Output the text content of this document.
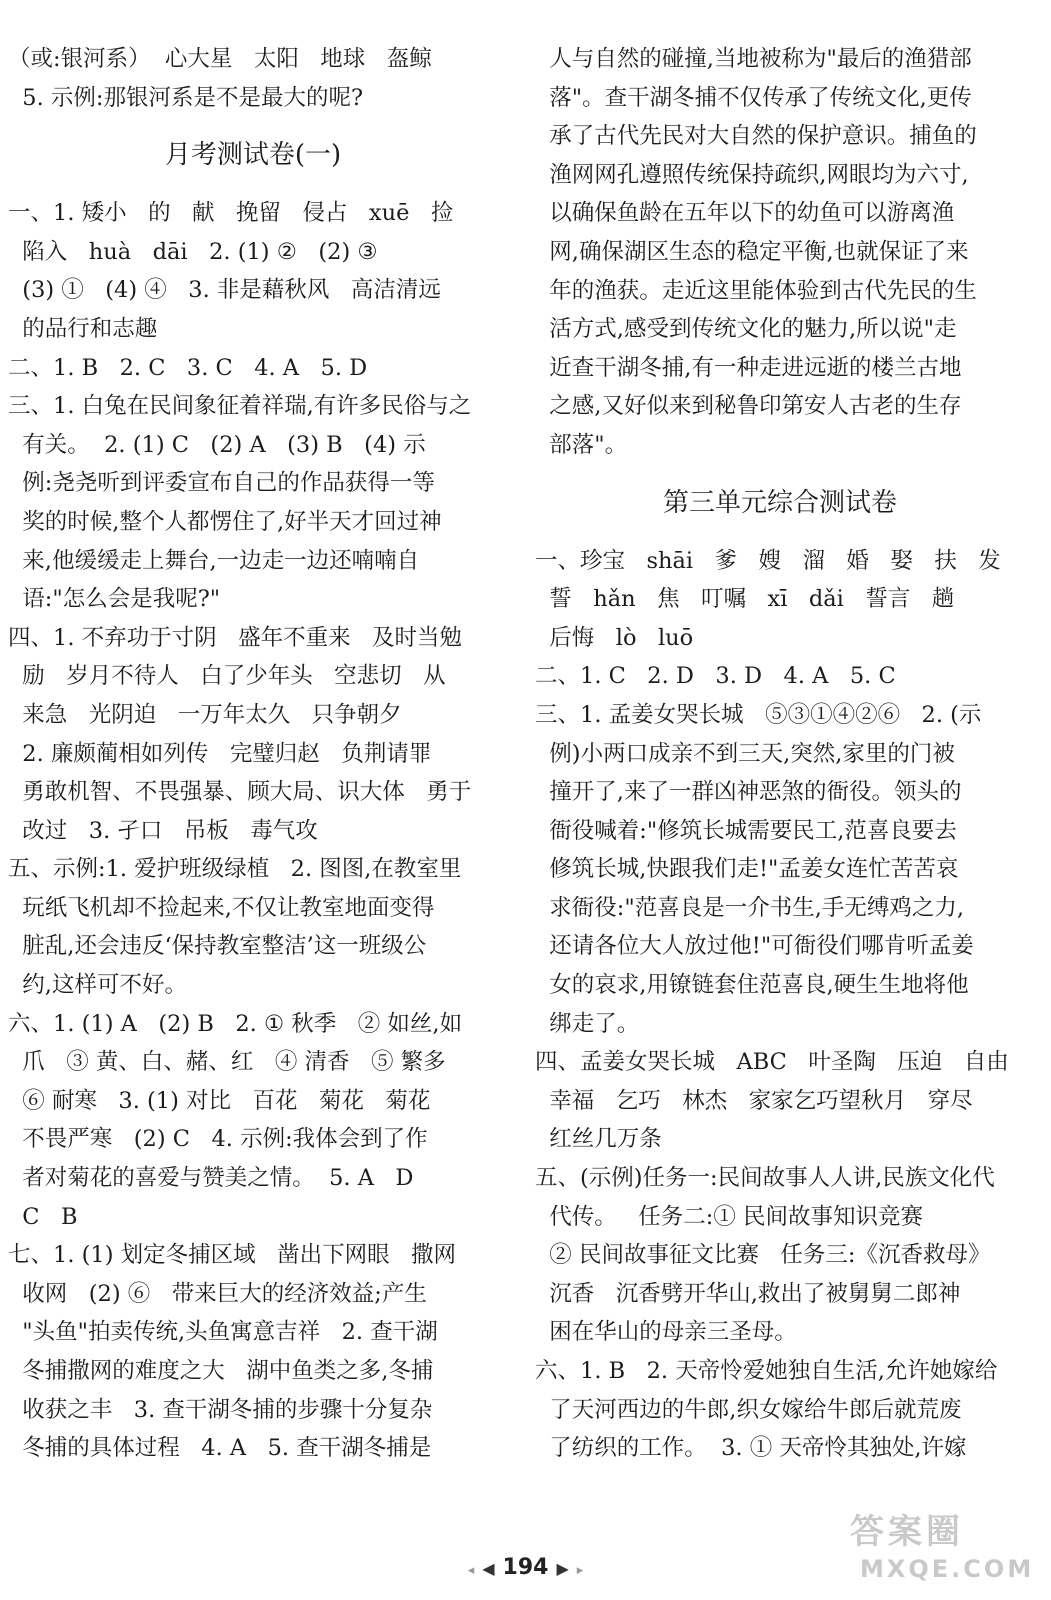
（或:银河系）  心大星   太阳   地球   盔鲸
5. 示例:那银河系是不是最大的呢?
月考测试卷(一)
一、1. 矮小   的   献   挽留   侵占   xuē   捡
陷入   huà   dāi   2. (1) ②   (2) ③
(3) ①   (4) ④   3. 非是藉秋风   高洁清远
的品行和志趣
二、1. B   2. C   3. C   4. A   5. D
三、1. 白兔在民间象征着祥瑞,有许多民俗与之
有关。  2. (1) C   (2) A   (3) B   (4) 示
例:尧尧听到评委宣布自己的作品获得一等
奖的时候,整个人都愣住了,好半天才回过神
来,他缓缓走上舞台,一边走一边还喃喃自
语:"怎么会是我呢?"
四、1. 不弃功于寸阴   盛年不重来   及时当勉
励   岁月不待人   白了少年头   空悲切   从
来急   光阴迫   一万年太久   只争朝夕
2. 廉颇蔺相如列传   完璧归赵   负荆请罪
勇敢机智、不畏强暴、顾大局、识大体   勇于
改过   3. 孑口   吊板   毒气攻
五、示例:1. 爱护班级绿植   2. 图图,在教室里
玩纸飞机却不捡起来,不仅让教室地面变得
脏乱,还会违反‘保持教室整洁’这一班级公
约,这样可不好。
六、1. (1) A   (2) B   2. ① 秋季   ② 如丝,如
爪   ③ 黄、白、赭、红   ④ 清香   ⑤ 繁多
⑥ 耐寒   3. (1) 对比   百花   菊花   菊花
不畏严寒   (2) C   4. 示例:我体会到了作
者对菊花的喜爱与赞美之情。  5. A   D
C   B
七、1. (1) 划定冬捕区域   凿出下网眼   撒网
收网   (2) ⑥   带来巨大的经济效益;产生
"头鱼"拍卖传统,头鱼寓意吉祥   2. 查干湖
冬捕撒网的难度之大   湖中鱼类之多,冬捕
收获之丰   3. 查干湖冬捕的步骤十分复杂
冬捕的具体过程   4. A   5. 查干湖冬捕是
人与自然的碰撞,当地被称为"最后的渔猎部
落"。查干湖冬捕不仅传承了传统文化,更传
承了古代先民对大自然的保护意识。捕鱼的
渔网网孔遵照传统保持疏织,网眼均为六寸,
以确保鱼龄在五年以下的幼鱼可以游离渔
网,确保湖区生态的稳定平衡,也就保证了来
年的渔获。走近这里能体验到古代先民的生
活方式,感受到传统文化的魅力,所以说"走
近查干湖冬捕,有一种走进远逝的楼兰古地
之感,又好似来到秘鲁印第安人古老的生存
部落"。
第三单元综合测试卷
一、珍宝   shāi   爹   嫂   溜   婚   娶   扶   发
誓   hǎn   焦   叮嘱   xī   dǎi   誓言   趟
后悔   lò   luō
二、1. C   2. D   3. D   4. A   5. C
三、1. 孟姜女哭长城   ⑤③①④②⑥   2. (示
例)小两口成亲不到三天,突然,家里的门被
撞开了,来了一群凶神恶煞的衙役。领头的
衙役喊着:"修筑长城需要民工,范喜良要去
修筑长城,快跟我们走!"孟姜女连忙苦苦哀
求衙役:"范喜良是一介书生,手无缚鸡之力,
还请各位大人放过他!"可衙役们哪肯听孟姜
女的哀求,用镣链套住范喜良,硬生生地将他
绑走了。
四、孟姜女哭长城   ABC   叶圣陶   压迫   自由
幸福   乞巧   林杰   家家乞巧望秋月   穿尽
红丝几万条
五、(示例)任务一:民间故事人人讲,民族文化代
代传。   任务二:① 民间故事知识竞赛
② 民间故事征文比赛   任务三:《沉香救母》
沉香   沉香劈开华山,救出了被舅舅二郎神
困在华山的母亲三圣母。
六、1. B   2. 天帝怜爱她独自生活,允许她嫁给
了天河西边的牛郎,织女嫁给牛郎后就荒废
了纺织的工作。  3. ① 天帝怜其独处,许嫁
◂ ◀ 194 ▶ ▸
答案圈
MXQE.COM
